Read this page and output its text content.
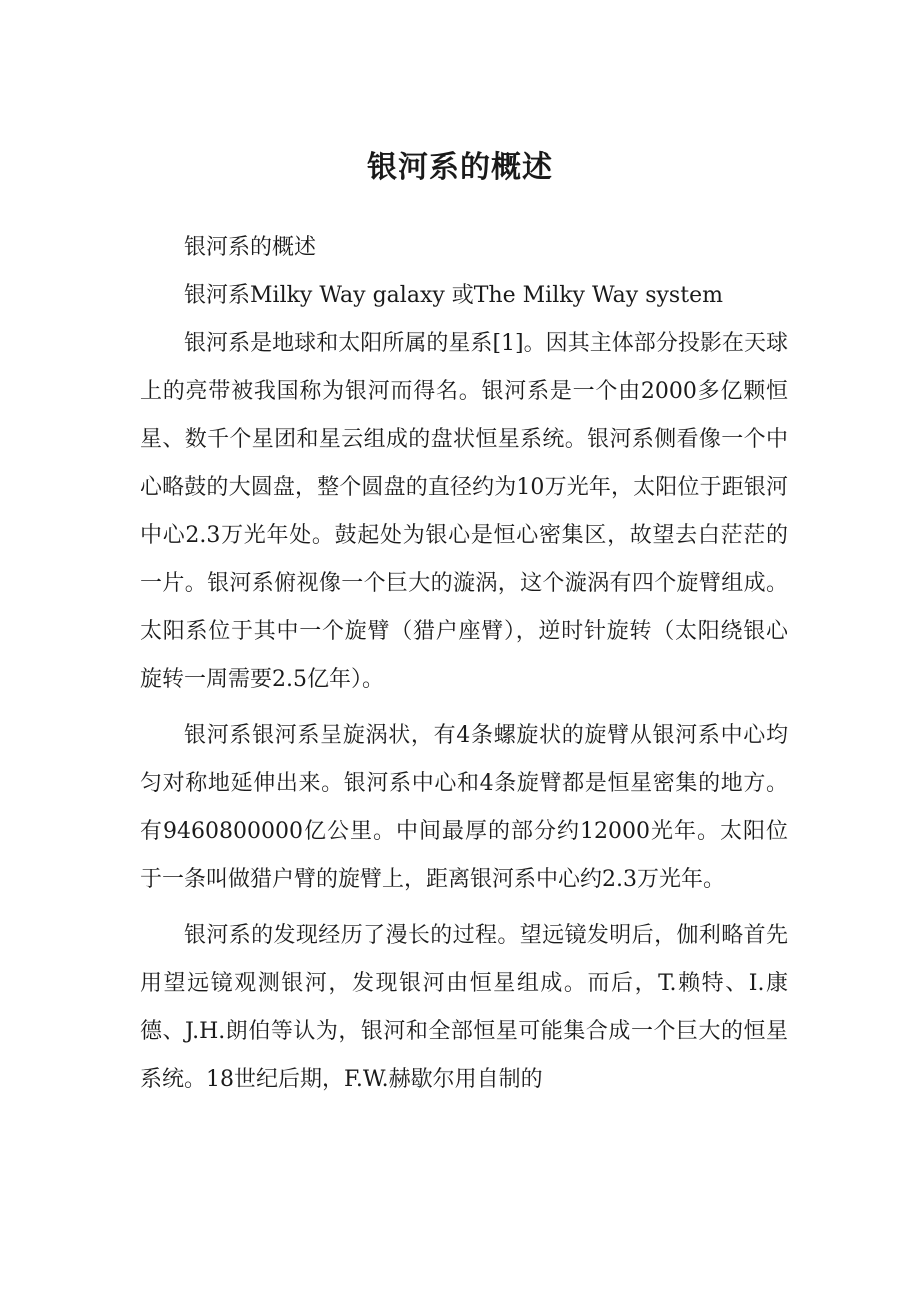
银河系的概述

银河系的概述

银河系Milky Way galaxy 或The Milky Way system

银河系是地球和太阳所属的星系[1]。因其主体部分投影在天球上的亮带被我国称为银河而得名。银河系是一个由2000多亿颗恒星、数千个星团和星云组成的盘状恒星系统。银河系侧看像一个中心略鼓的大圆盘，整个圆盘的直径约为10万光年，太阳位于距银河中心2.3万光年处。鼓起处为银心是恒心密集区，故望去白茫茫的一片。银河系俯视像一个巨大的漩涡，这个漩涡有四个旋臂组成。太阳系位于其中一个旋臂（猎户座臂），逆时针旋转（太阳绕银心旋转一周需要2.5亿年）。

银河系银河系呈旋涡状，有4条螺旋状的旋臂从银河系中心均匀对称地延伸出来。银河系中心和4条旋臂都是恒星密集的地方。有9460800000亿公里。中间最厚的部分约12000光年。太阳位于一条叫做猎户臂的旋臂上，距离银河系中心约2.3万光年。

银河系的发现经历了漫长的过程。望远镜发明后，伽利略首先用望远镜观测银河，发现银河由恒星组成。而后，T.赖特、I.康德、J.H.朗伯等认为，银河和全部恒星可能集合成一个巨大的恒星系统。18世纪后期，F.W.赫歇尔用自制的
